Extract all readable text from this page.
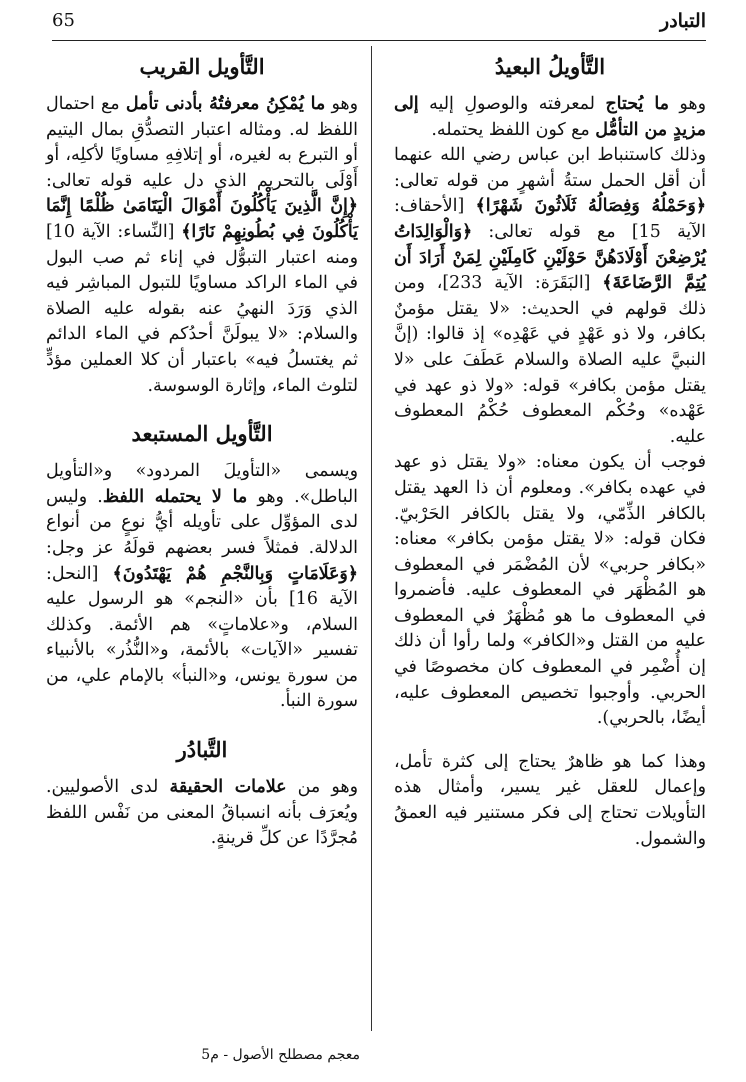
التبادر
65
التَّأويلُ البعيدُ

وهو ما يُحتاج لمعرفته والوصولِ إليه إلى مزيدٍ من التأمُّل مع كون اللفظ يحتمله.

وذلك كاستنباط ابن عباس رضي الله عنهما أن أقل الحمل ستةُ أشهرٍ من قوله تعالى: ﴿وَحَمْلُهُ وَفِصَالُهُ ثَلَاثُونَ شَهْرًا﴾ [الأحقاف: الآية 15] مع قوله تعالى: ﴿وَالْوَالِدَاتُ يُرْضِعْنَ أَوْلَادَهُنَّ حَوْلَيْنِ كَامِلَيْنِ لِمَنْ أَرَادَ أَن يُتِمَّ الرَّضَاعَةَ﴾ [البَقَرَة: الآية 233]، ومن ذلك قولهم في الحديث: «لا يقتل مؤمنٌ بكافر، ولا ذو عَهْدٍ في عَهْدِه» إذ قالوا: (إنَّ النبيَّ عليه الصلاة والسلام عَطَفَ على «لا يقتل مؤمن بكافر» قوله: «ولا ذو عهد في عَهْده» وحُكْم المعطوف حُكْمُ المعطوف عليه.

فوجب أن يكون معناه: «ولا يقتل ذو عهد في عهده بكافر». ومعلوم أن ذا العهد يقتل بالكافر الذِّمّي، ولا يقتل بالكافر الحَرْبيّ. فكان قوله: «لا يقتل مؤمن بكافر» معناه: «بكافر حربي» لأن المُضْمَر في المعطوف هو المُظْهَر في المعطوف عليه. فأضمروا في المعطوف ما هو مُظْهَرٌ في المعطوف عليه من القتل و«الكافر» ولما رأوا أن ذلك إن أُضْمِر في المعطوف كان مخصوصًا في الحربي. وأوجبوا تخصيص المعطوف عليه، أيضًا، بالحربي).

وهذا كما هو ظاهرٌ يحتاج إلى كثرة تأمل، وإعمال للعقل غير يسير، وأمثال هذه التأويلات تحتاج إلى فكر مستنير فيه العمقُ والشمول.

التَّأويل القريب

وهو ما يُمْكِنُ معرفتُهُ بأدنى تأمل مع احتمال اللفظ له. ومثاله اعتبار التصدُّقِ بمال اليتيم أو التبرع به لغيره، أو إتلافِهِ مساويًا لأكلِه، أو أَوْلَى بالتحريم الذي دل عليه قوله تعالى: ﴿إِنَّ الَّذِينَ يَأْكُلُونَ أَمْوَالَ الْيَتَامَىٰ ظُلْمًا إِنَّمَا يَأْكُلُونَ فِي بُطُونِهِمْ نَارًا﴾ [النِّساء: الآية 10] ومنه اعتبار التبوُّل في إناء ثم صب البول في الماء الراكد مساويًا للتبول المباشِر فيه الذي وَرَدَ النهيُ عنه بقوله عليه الصلاة والسلام: «لا يبولَنَّ أحدُكم في الماء الدائم ثم يغتسلُ فيه» باعتبار أن كلا العملين مؤدٍّ لتلوث الماء، وإثارة الوسوسة.

التَّأويل المستبعد

ويسمى «التأويلَ المردود» و«التأويل الباطل». وهو ما لا يحتمله اللفظ. وليس لدى المؤوِّل على تأويله أيُّ نوعٍ من أنواع الدلالة. فمثلاً فسر بعضهم قولَهُ عز وجل: ﴿وَعَلَامَاتٍ وَبِالنَّجْمِ هُمْ يَهْتَدُونَ﴾ [النحل: الآية 16] بأن «النجم» هو الرسول عليه السلام، و«علاماتٍ» هم الأئمة. وكذلك تفسير «الآيات» بالأئمة، و«النُّذُر» بالأنبياء من سورة يونس، و«النبأ» بالإمام علي، من سورة النبأ.

التَّبادُر

وهو من علامات الحقيقة لدى الأصوليين. ويُعرَف بأنه انسباقُ المعنى من نَفْس اللفظ مُجرَّدًا عن كلِّ قرينةٍ.

معجم مصطلح الأصول - م5
